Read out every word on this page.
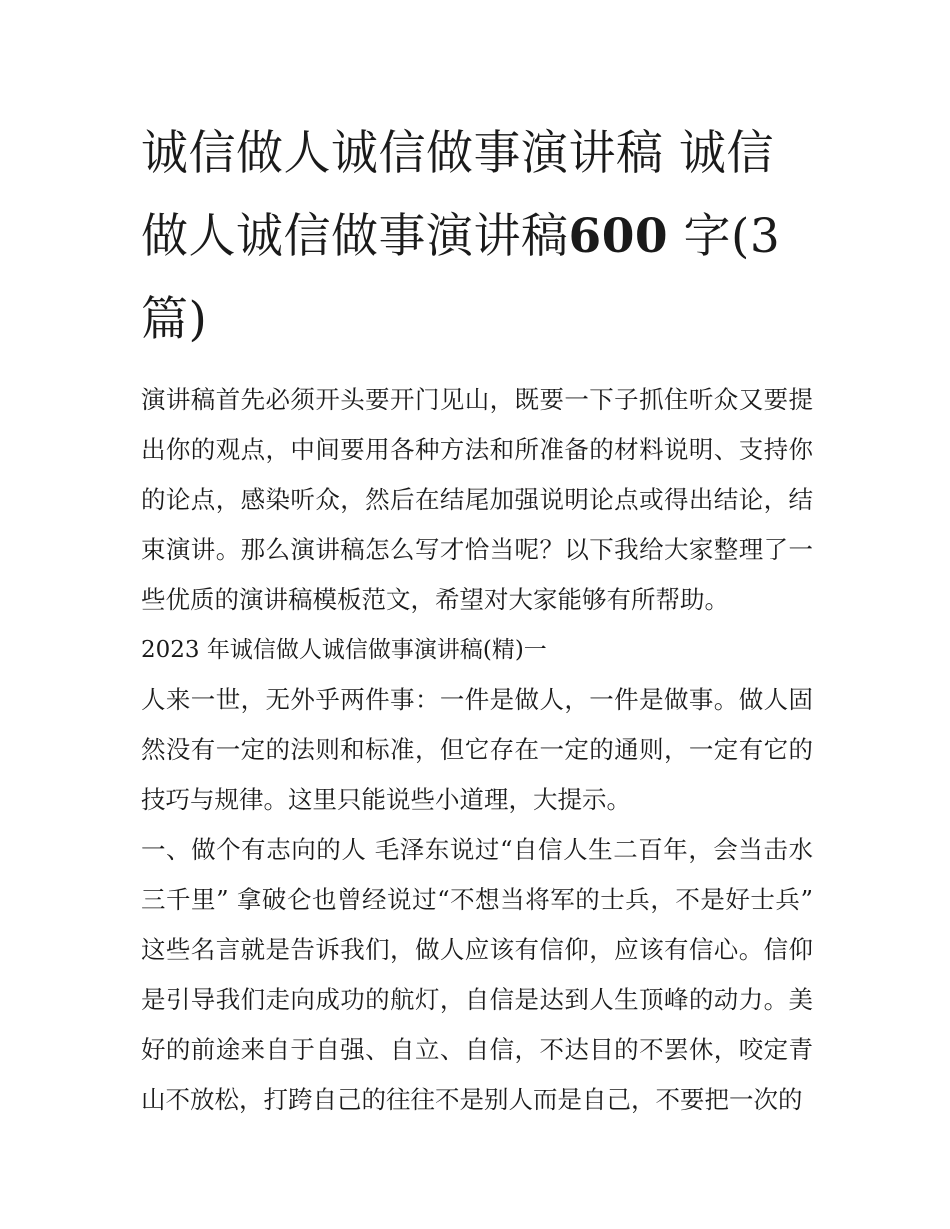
诚信做人诚信做事演讲稿 诚信做人诚信做事演讲稿600 字(3篇)

演讲稿首先必须开头要开门见山，既要一下子抓住听众又要提出你的观点，中间要用各种方法和所准备的材料说明、支持你的论点，感染听众，然后在结尾加强说明论点或得出结论，结束演讲。那么演讲稿怎么写才恰当呢？以下我给大家整理了一些优质的演讲稿模板范文，希望对大家能够有所帮助。

2023 年诚信做人诚信做事演讲稿(精)一

人来一世，无外乎两件事：一件是做人，一件是做事。做人固然没有一定的法则和标准，但它存在一定的通则，一定有它的技巧与规律。这里只能说些小道理，大提示。

一、做个有志向的人 毛泽东说过“自信人生二百年，会当击水三千里” 拿破仑也曾经说过“不想当将军的士兵，不是好士兵” 这些名言就是告诉我们，做人应该有信仰，应该有信心。信仰是引导我们走向成功的航灯，自信是达到人生顶峰的动力。美好的前途来自于自强、自立、自信，不达目的不罢休，咬定青山不放松，打跨自己的往往不是别人而是自己，不要把一次的
